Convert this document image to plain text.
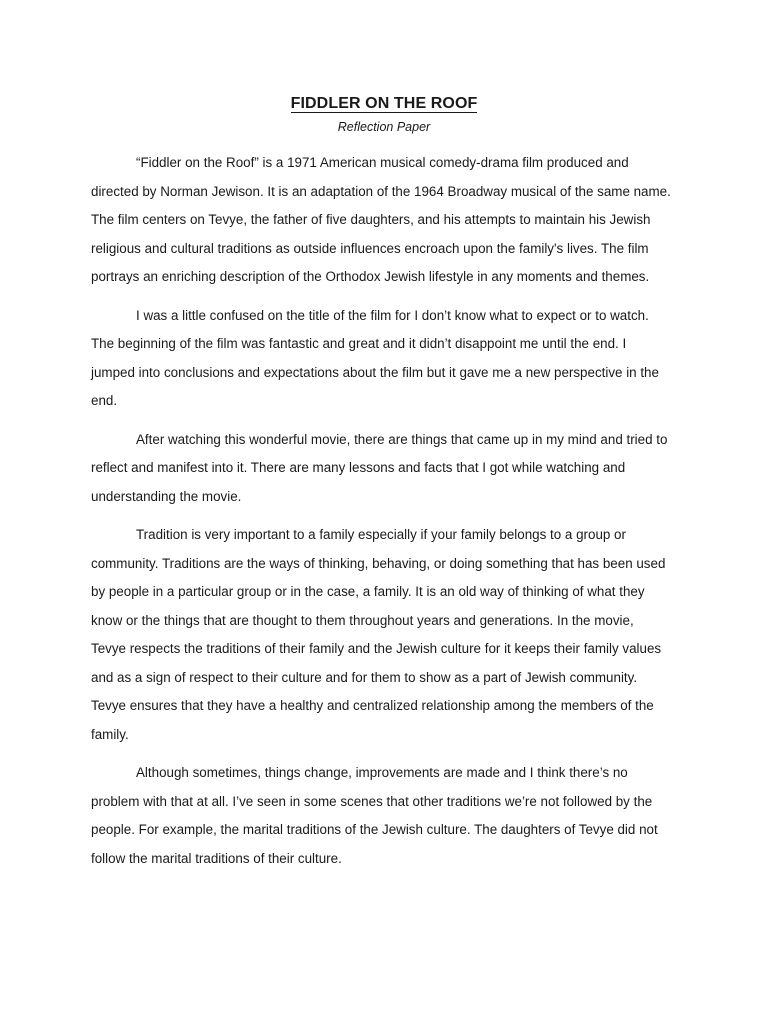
FIDDLER ON THE ROOF

Reflection Paper

“Fiddler on the Roof” is a 1971 American musical comedy-drama film produced and directed by Norman Jewison. It is an adaptation of the 1964 Broadway musical of the same name. The film centers on Tevye, the father of five daughters, and his attempts to maintain his Jewish religious and cultural traditions as outside influences encroach upon the family's lives. The film portrays an enriching description of the Orthodox Jewish lifestyle in any moments and themes.

I was a little confused on the title of the film for I don’t know what to expect or to watch. The beginning of the film was fantastic and great and it didn’t disappoint me until the end. I jumped into conclusions and expectations about the film but it gave me a new perspective in the end.

After watching this wonderful movie, there are things that came up in my mind and tried to reflect and manifest into it. There are many lessons and facts that I got while watching and understanding the movie.

Tradition is very important to a family especially if your family belongs to a group or community. Traditions are the ways of thinking, behaving, or doing something that has been used by people in a particular group or in the case, a family. It is an old way of thinking of what they know or the things that are thought to them throughout years and generations. In the movie, Tevye respects the traditions of their family and the Jewish culture for it keeps their family values and as a sign of respect to their culture and for them to show as a part of Jewish community. Tevye ensures that they have a healthy and centralized relationship among the members of the family.

Although sometimes, things change, improvements are made and I think there’s no problem with that at all. I’ve seen in some scenes that other traditions we’re not followed by the people. For example, the marital traditions of the Jewish culture. The daughters of Tevye did not follow the marital traditions of their culture.
